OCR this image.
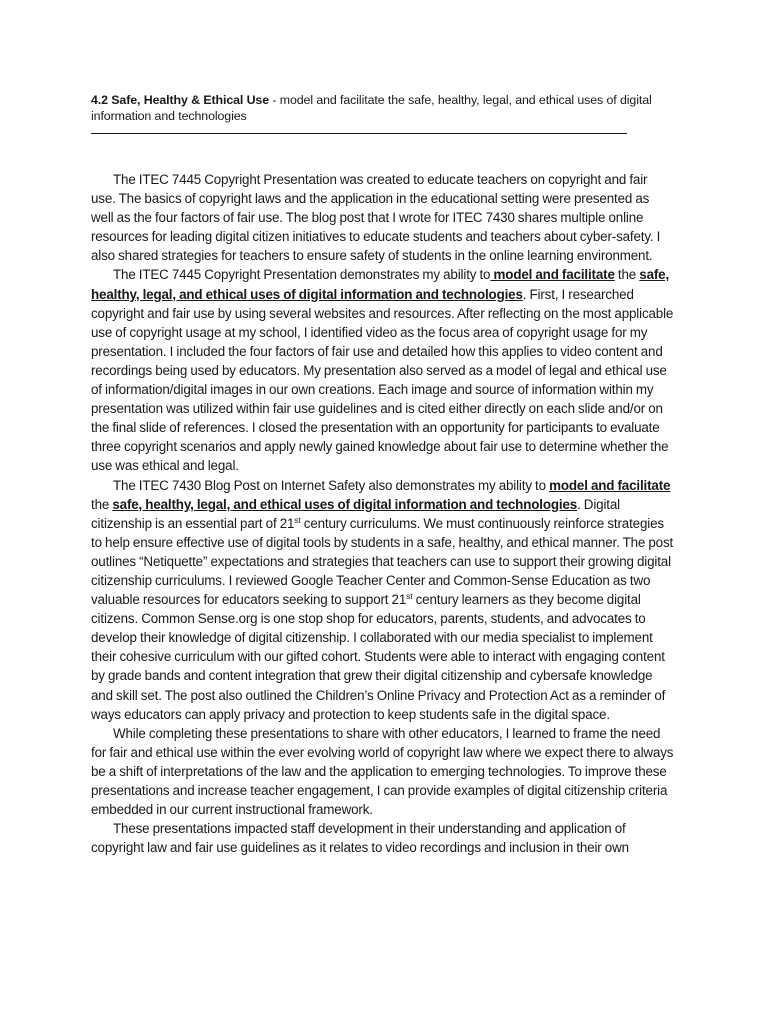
4.2 Safe, Healthy & Ethical Use - model and facilitate the safe, healthy, legal, and ethical uses of digital information and technologies

The ITEC 7445 Copyright Presentation was created to educate teachers on copyright and fair use. The basics of copyright laws and the application in the educational setting were presented as well as the four factors of fair use. The blog post that I wrote for ITEC 7430 shares multiple online resources for leading digital citizen initiatives to educate students and teachers about cyber-safety. I also shared strategies for teachers to ensure safety of students in the online learning environment.

The ITEC 7445 Copyright Presentation demonstrates my ability to model and facilitate the safe, healthy, legal, and ethical uses of digital information and technologies. First, I researched copyright and fair use by using several websites and resources. After reflecting on the most applicable use of copyright usage at my school, I identified video as the focus area of copyright usage for my presentation. I included the four factors of fair use and detailed how this applies to video content and recordings being used by educators. My presentation also served as a model of legal and ethical use of information/digital images in our own creations. Each image and source of information within my presentation was utilized within fair use guidelines and is cited either directly on each slide and/or on the final slide of references. I closed the presentation with an opportunity for participants to evaluate three copyright scenarios and apply newly gained knowledge about fair use to determine whether the use was ethical and legal.

The ITEC 7430 Blog Post on Internet Safety also demonstrates my ability to model and facilitate the safe, healthy, legal, and ethical uses of digital information and technologies. Digital citizenship is an essential part of 21st century curriculums. We must continuously reinforce strategies to help ensure effective use of digital tools by students in a safe, healthy, and ethical manner. The post outlines “Netiquette” expectations and strategies that teachers can use to support their growing digital citizenship curriculums. I reviewed Google Teacher Center and Common-Sense Education as two valuable resources for educators seeking to support 21st century learners as they become digital citizens. Common Sense.org is one stop shop for educators, parents, students, and advocates to develop their knowledge of digital citizenship. I collaborated with our media specialist to implement their cohesive curriculum with our gifted cohort. Students were able to interact with engaging content by grade bands and content integration that grew their digital citizenship and cybersafe knowledge and skill set. The post also outlined the Children’s Online Privacy and Protection Act as a reminder of ways educators can apply privacy and protection to keep students safe in the digital space.

While completing these presentations to share with other educators, I learned to frame the need for fair and ethical use within the ever evolving world of copyright law where we expect there to always be a shift of interpretations of the law and the application to emerging technologies. To improve these presentations and increase teacher engagement, I can provide examples of digital citizenship criteria embedded in our current instructional framework.

These presentations impacted staff development in their understanding and application of copyright law and fair use guidelines as it relates to video recordings and inclusion in their own
